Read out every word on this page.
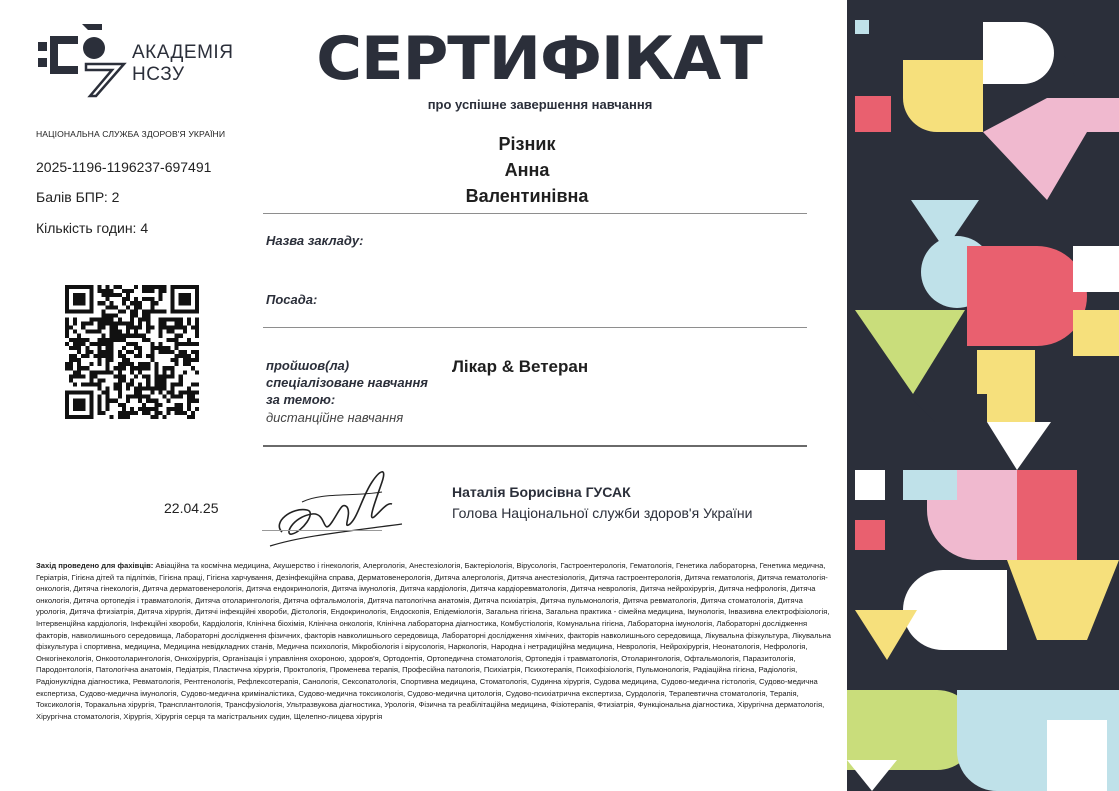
АКАДЕМІЯ
НСЗУ
НАЦІОНАЛЬНА СЛУЖБА ЗДОРОВ'Я УКРАЇНИ
2025-1196-1196237-697491
Балів БПР: 2
Кількість годин: 4
22.04.25
СЕРТИФІКАТ
про успішне завершення навчання
Різник
Анна
Валентинівна
Назва закладу:
Посада:
пройшов(ла) спеціалізоване навчання за темою:
Лікар & Ветеран
дистанційне навчання
Наталія Борисівна ГУСАК
Голова Національної служби здоров'я України
Захід проведено для фахівців: Авіаційна та космічна медицина, Акушерство і гінекологія, Алергологія, Анестезіологія, Бактеріологія, Вірусологія, Гастроентерологія, Гематологія, Генетика лабораторна, Генетика медична, Геріатрія, Гігієна дітей та підлітків, Гігієна праці, Гігієна харчування, Дезінфекційна справа, Дерматовенерологія, Дитяча алергологія, Дитяча анестезіологія, Дитяча гастроентерологія, Дитяча гематологія, Дитяча гематологія-онкологія, Дитяча гінекологія, Дитяча дерматовенерологія, Дитяча ендокринологія, Дитяча імунологія, Дитяча кардіологія, Дитяча кардіоревматологія, Дитяча неврологія, Дитяча нейрохірургія, Дитяча нефрологія, Дитяча онкологія, Дитяча ортопедія і травматологія, Дитяча отоларингологія, Дитяча офтальмологія, Дитяча патологічна анатомія, Дитяча психіатрія, Дитяча пульмонологія, Дитяча ревматологія, Дитяча стоматологія, Дитяча урологія, Дитяча фтизіатрія, Дитяча хірургія, Дитячі інфекційні хвороби, Дієтологія, Ендокринологія, Ендоскопія, Епідеміологія, Загальна гігієна, Загальна практика - сімейна медицина, Імунологія, Інвазивна електрофізіологія, Інтервенційна кардіологія, Інфекційні хвороби, Кардіологія, Клінічна біохімія, Клінічна онкологія, Клінічна лабораторна діагностика, Комбустіологія, Комунальна гігієна, Лабораторна імунологія, Лабораторні дослідження факторів, навколишнього середовища, Лабораторні дослідження фізичних, факторів навколишнього середовища, Лабораторні дослідження хімічних, факторів навколишнього середовища, Лікувальна фізкультура, Лікувальна фізкультура і спортивна, медицина, Медицина невідкладних станів, Медична психологія, Мікробіологія і вірусологія, Наркологія, Народна і нетрадиційна медицина, Неврологія, Нейрохірургія, Неонатологія, Нефрологія, Онкогінекологія, Онкоотоларингологія, Онкохірургія, Організація і управління охороною, здоров'я, Ортодонтія, Ортопедична стоматологія, Ортопедія і травматологія, Отоларингологія, Офтальмологія, Паразитологія, Пародонтологія, Патологічна анатомія, Педіатрія, Пластична хірургія, Проктологія, Променева терапія, Професійна патологія, Психіатрія, Психотерапія, Психофізіологія, Пульмонологія, Радіаційна гігієна, Радіологія, Радіонуклідна діагностика, Ревматологія, Рентгенологія, Рефлексотерапія, Санологія, Сексопатологія, Спортивна медицина, Стоматологія, Судинна хірургія, Судова медицина, Судово-медична гістологія, Судово-медична експертиза, Судово-медична імунологія, Судово-медична криміналістика, Судово-медична токсикологія, Судово-медична цитологія, Судово-психіатрична експертиза, Сурдологія, Терапевтична стоматологія, Терапія, Токсикологія, Торакальна хірургія, Трансплантологія, Трансфузіологія, Ультразвукова діагностика, Урологія, Фізична та реабілітаційна медицина, Фізіотерапія, Фтизіатрія, Функціональна діагностика, Хірургічна дерматологія, Хірургічна стоматологія, Хірургія, Хірургія серця та магістральних судин, Щелепно-лицева хірургія
